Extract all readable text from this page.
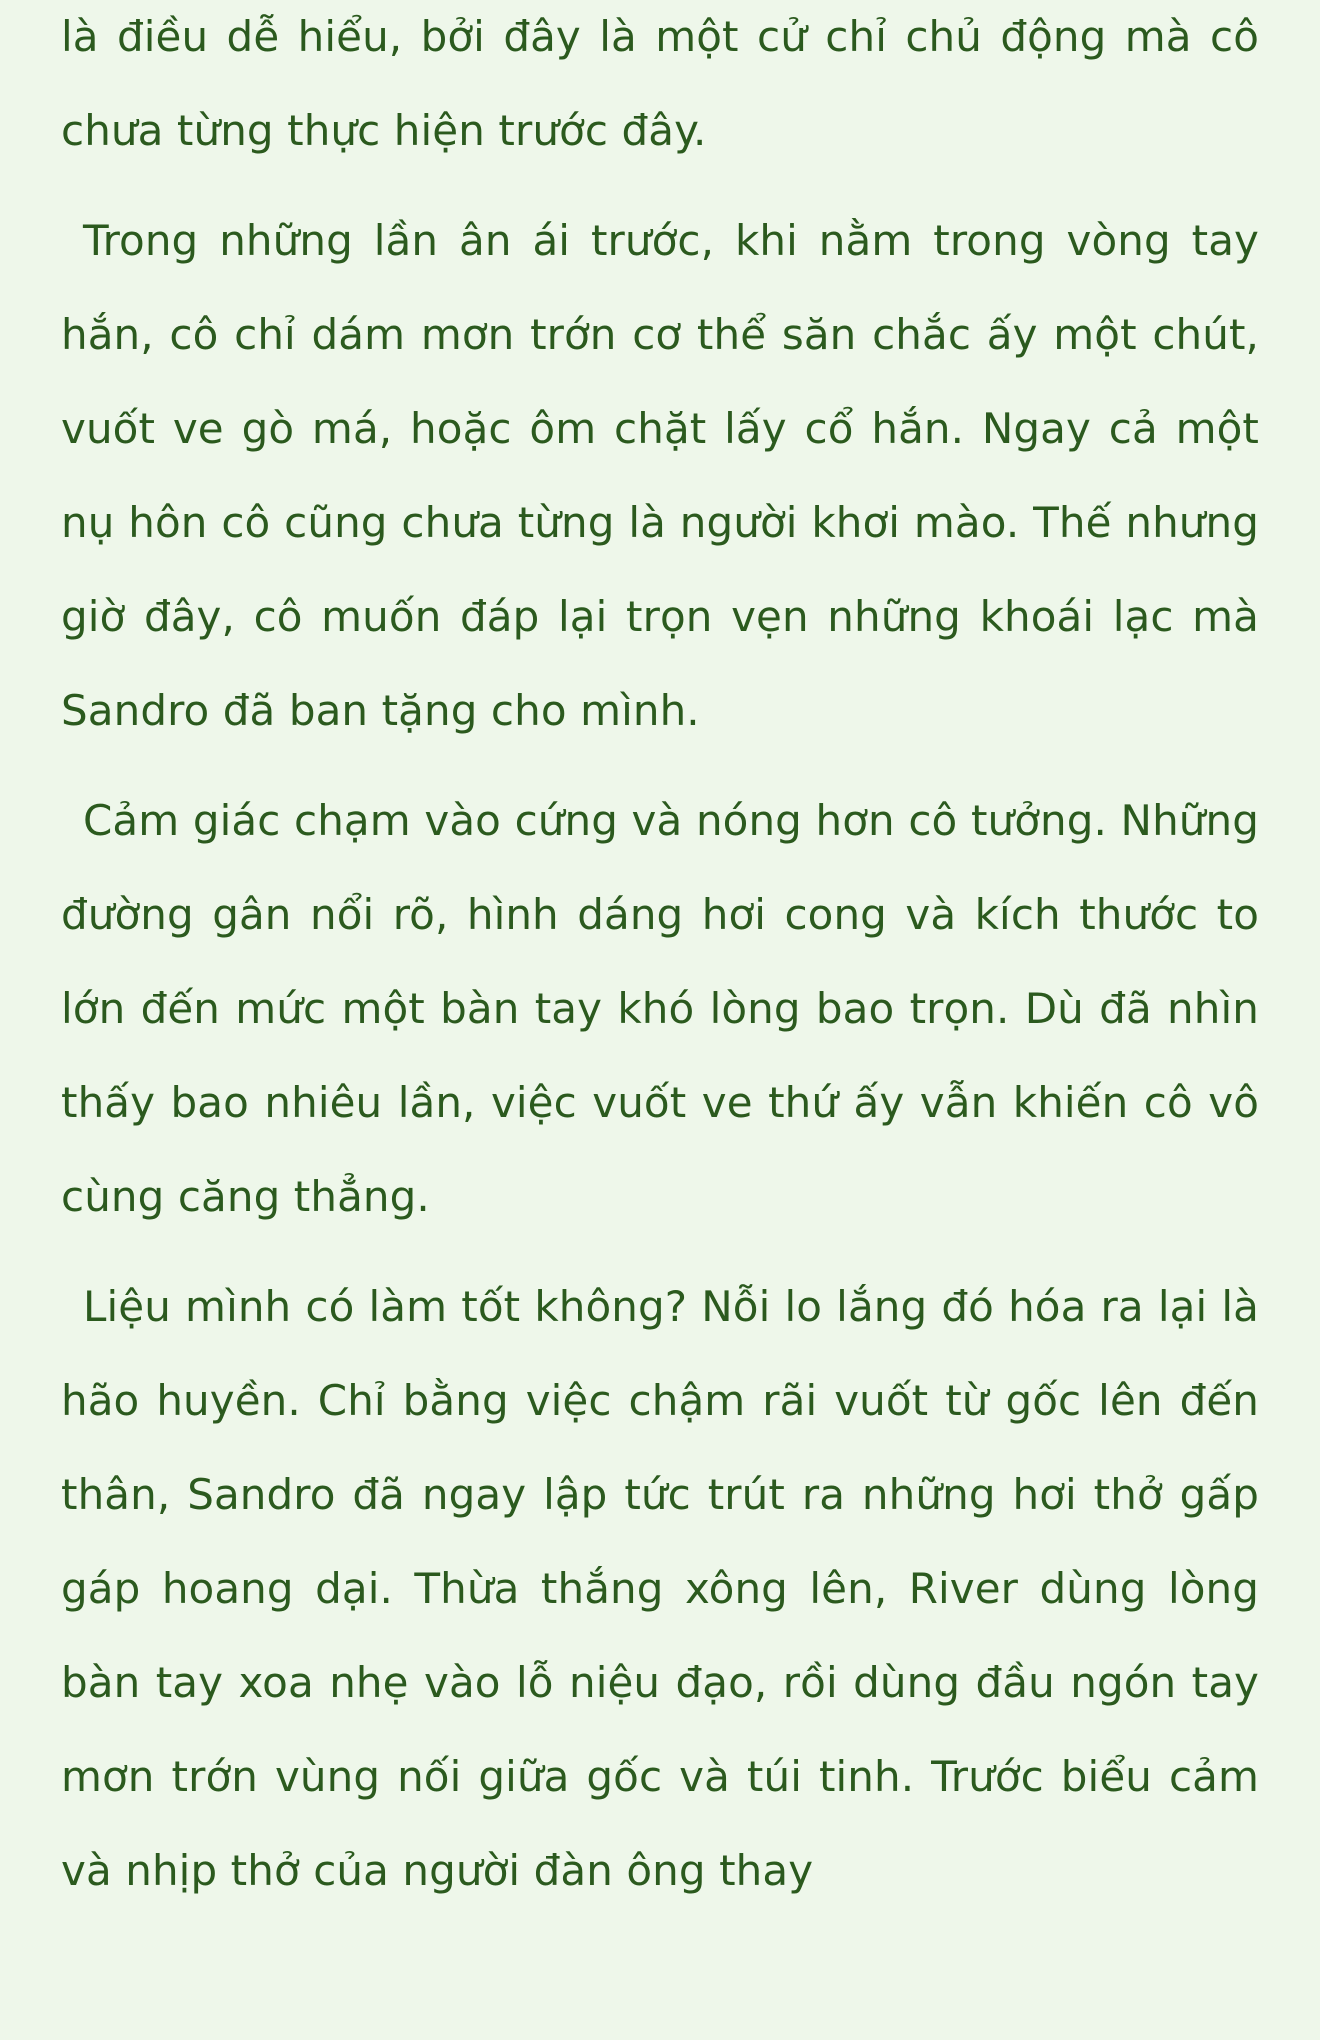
là điều dễ hiểu, bởi đây là một cử chỉ chủ động mà cô chưa từng thực hiện trước đây.

Trong những lần ân ái trước, khi nằm trong vòng tay hắn, cô chỉ dám mơn trớn cơ thể săn chắc ấy một chút, vuốt ve gò má, hoặc ôm chặt lấy cổ hắn. Ngay cả một nụ hôn cô cũng chưa từng là người khơi mào. Thế nhưng giờ đây, cô muốn đáp lại trọn vẹn những khoái lạc mà Sandro đã ban tặng cho mình.

Cảm giác chạm vào cứng và nóng hơn cô tưởng. Những đường gân nổi rõ, hình dáng hơi cong và kích thước to lớn đến mức một bàn tay khó lòng bao trọn. Dù đã nhìn thấy bao nhiêu lần, việc vuốt ve thứ ấy vẫn khiến cô vô cùng căng thẳng.

Liệu mình có làm tốt không? Nỗi lo lắng đó hóa ra lại là hão huyền. Chỉ bằng việc chậm rãi vuốt từ gốc lên đến thân, Sandro đã ngay lập tức trút ra những hơi thở gấp gáp hoang dại. Thừa thắng xông lên, River dùng lòng bàn tay xoa nhẹ vào lỗ niệu đạo, rồi dùng đầu ngón tay mơn trớn vùng nối giữa gốc và túi tinh. Trước biểu cảm và nhịp thở của người đàn ông thay
